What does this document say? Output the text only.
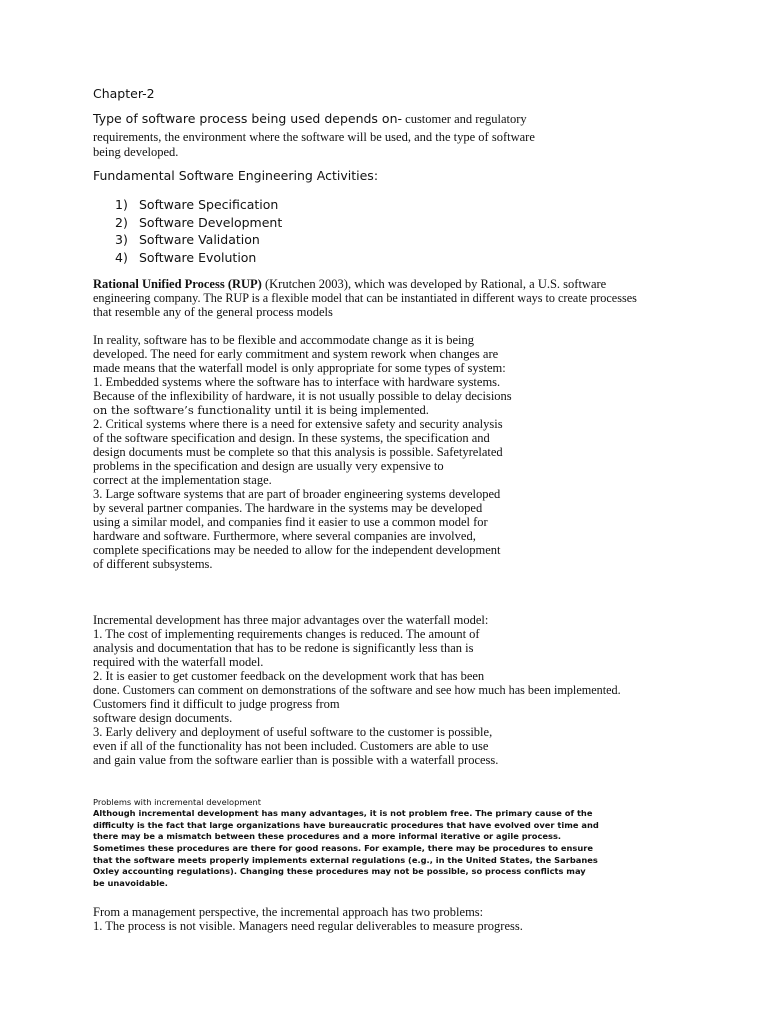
Chapter-2
Type of software process being used depends on- customer and regulatory
requirements, the environment where the software will be used, and the type of software
being developed.
Fundamental Software Engineering Activities:
1) Software Specification
2) Software Development
3) Software Validation
4) Software Evolution
Rational Unified Process (RUP) (Krutchen 2003), which was developed by Rational, a U.S. software
engineering company. The RUP is a flexible model that can be instantiated in different ways to create processes
that resemble any of the general process models
In reality, software has to be flexible and accommodate change as it is being
developed. The need for early commitment and system rework when changes are
made means that the waterfall model is only appropriate for some types of system:
1. Embedded systems where the software has to interface with hardware systems.
Because of the inflexibility of hardware, it is not usually possible to delay decisions
on the software’s functionality until it is being implemented.
2. Critical systems where there is a need for extensive safety and security analysis
of the software specification and design. In these systems, the specification and
design documents must be complete so that this analysis is possible. Safetyrelated
problems in the specification and design are usually very expensive to
correct at the implementation stage.
3. Large software systems that are part of broader engineering systems developed
by several partner companies. The hardware in the systems may be developed
using a similar model, and companies find it easier to use a common model for
hardware and software. Furthermore, where several companies are involved,
complete specifications may be needed to allow for the independent development
of different subsystems.
Incremental development has three major advantages over the waterfall model:
1. The cost of implementing requirements changes is reduced. The amount of
analysis and documentation that has to be redone is significantly less than is
required with the waterfall model.
2. It is easier to get customer feedback on the development work that has been
done. Customers can comment on demonstrations of the software and see how much has been implemented.
Customers find it difficult to judge progress from
software design documents.
3. Early delivery and deployment of useful software to the customer is possible,
even if all of the functionality has not been included. Customers are able to use
and gain value from the software earlier than is possible with a waterfall process.
Problems with incremental development
Although incremental development has many advantages, it is not problem free. The primary cause of the
difficulty is the fact that large organizations have bureaucratic procedures that have evolved over time and
there may be a mismatch between these procedures and a more informal iterative or agile process.
Sometimes these procedures are there for good reasons. For example, there may be procedures to ensure
that the software meets properly implements external regulations (e.g., in the United States, the Sarbanes
Oxley accounting regulations). Changing these procedures may not be possible, so process conflicts may
be unavoidable.
From a management perspective, the incremental approach has two problems:
1. The process is not visible. Managers need regular deliverables to measure progress.
